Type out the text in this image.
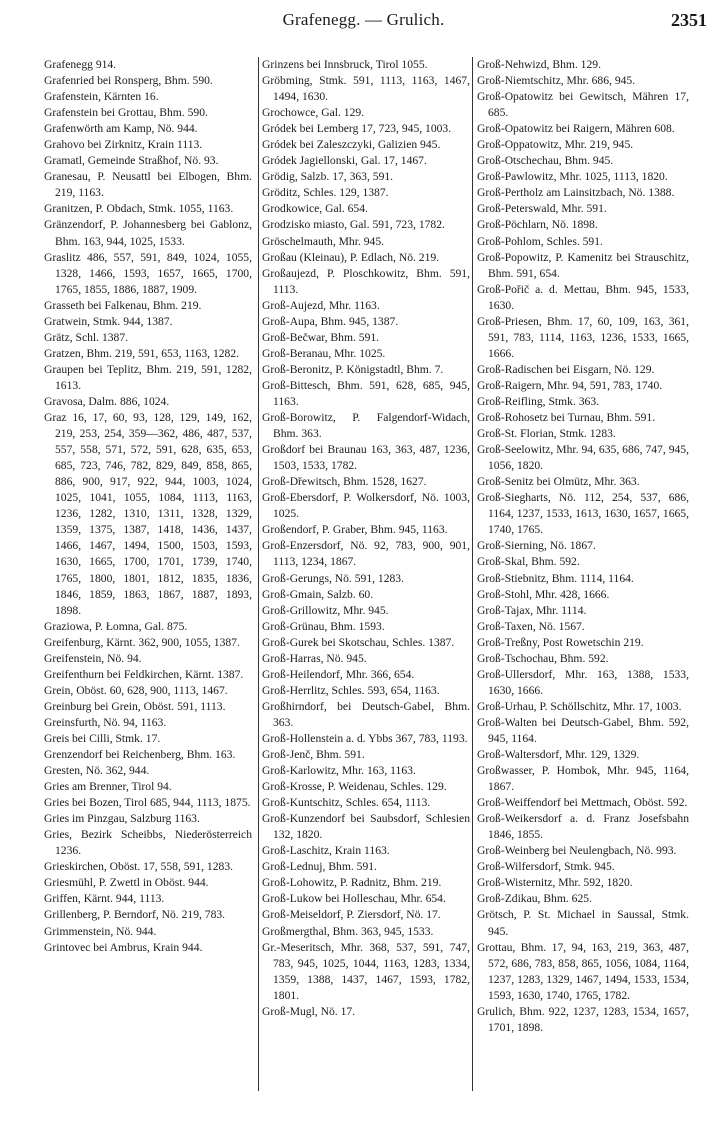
Grafenegg. — Grulich.	2351
Grafenegg 914.
Grafenried bei Ronsperg, Bhm. 590.
Grafenstein, Kärnten 16.
Grafenstein bei Grottau, Bhm. 590.
Grafenwörth am Kamp, Nö. 944.
Grahovo bei Zirknitz, Krain 1113.
Gramatl, Gemeinde Straßhof, Nö. 93.
Granesau, P. Neusattl bei Elbogen, Bhm. 219, 1163.
Granitzen, P. Obdach, Stmk. 1055, 1163.
Gränzendorf, P. Johannesberg bei Gablonz, Bhm. 163, 944, 1025, 1533.
Graslitz 486, 557, 591, 849, 1024, 1055, 1328, 1466, 1593, 1657, 1665, 1700, 1765, 1855, 1886, 1887, 1909.
Grasseth bei Falkenau, Bhm. 219.
Gratwein, Stmk. 944, 1387.
Grätz, Schl. 1387.
Gratzen, Bhm. 219, 591, 653, 1163, 1282.
Graupen bei Teplitz, Bhm. 219, 591, 1282, 1613.
Gravosa, Dalm. 886, 1024.
Graz 16, 17, 60, 93, 128, 129, 149, 162, 219, 253, 254, 359—362, 486, 487, 537, 557, 558, 571, 572, 591, 628, 635, 653, 685, 723, 746, 782, 829, 849, 858, 865, 886, 900, 917, 922, 944, 1003, 1024, 1025, 1041, 1055, 1084, 1113, 1163, 1236, 1282, 1310, 1311, 1328, 1329, 1359, 1375, 1387, 1418, 1436, 1437, 1466, 1467, 1494, 1500, 1503, 1593, 1630, 1665, 1700, 1701, 1739, 1740, 1765, 1800, 1801, 1812, 1835, 1836, 1846, 1859, 1863, 1867, 1887, 1893, 1898.
Graziowa, P. Łomna, Gal. 875.
Greifenburg, Kärnt. 362, 900, 1055, 1387.
Greifenstein, Nö. 94.
Greifenthurn bei Feldkirchen, Kärnt. 1387.
Grein, Oböst. 60, 628, 900, 1113, 1467.
Greinburg bei Grein, Oböst. 591, 1113.
Greinsfurth, Nö. 94, 1163.
Greis bei Cilli, Stmk. 17.
Grenzendorf bei Reichenberg, Bhm. 163.
Gresten, Nö. 362, 944.
Gries am Brenner, Tirol 94.
Gries bei Bozen, Tirol 685, 944, 1113, 1875.
Gries im Pinzgau, Salzburg 1163.
Gries, Bezirk Scheibbs, Niederösterreich 1236.
Grieskirchen, Oböst. 17, 558, 591, 1283.
Griesmühl, P. Zwettl in Oböst. 944.
Griffen, Kärnt. 944, 1113.
Grillenberg, P. Berndorf, Nö. 219, 783.
Grimmenstein, Nö. 944.
Grintovec bei Ambrus, Krain 944.
Grinzens bei Innsbruck, Tirol 1055.
Gröbming, Stmk. 591, 1113, 1163, 1467, 1494, 1630.
Grochowce, Gal. 129.
Gródek bei Lemberg 17, 723, 945, 1003.
Gródek bei Zaleszczyki, Galizien 945.
Gródek Jagiellonski, Gal. 17, 1467.
Grödig, Salzb. 17, 363, 591.
Gröditz, Schles. 129, 1387.
Grodkowice, Gal. 654.
Grodzisko miasto, Gal. 591, 723, 1782.
Gröschelmauth, Mhr. 945.
Großau (Kleinau), P. Edlach, Nö. 219.
Großaujezd, P. Ploschkowitz, Bhm. 591, 1113.
Groß-Aujezd, Mhr. 1163.
Groß-Aupa, Bhm. 945, 1387.
Groß-Bečwar, Bhm. 591.
Groß-Beranau, Mhr. 1025.
Groß-Beronitz, P. Königstadtl, Bhm. 7.
Groß-Bittesch, Bhm. 591, 628, 685, 945, 1163.
Groß-Borowitz, P. Falgendorf-Widach, Bhm. 363.
Großdorf bei Braunau 163, 363, 487, 1236, 1503, 1533, 1782.
Groß-Dřewitsch, Bhm. 1528, 1627.
Groß-Ebersdorf, P. Wolkersdorf, Nö. 1003, 1025.
Großendorf, P. Graber, Bhm. 945, 1163.
Groß-Enzersdorf, Nö. 92, 783, 900, 901, 1113, 1234, 1867.
Groß-Gerungs, Nö. 591, 1283.
Groß-Gmain, Salzb. 60.
Groß-Grillowitz, Mhr. 945.
Groß-Grünau, Bhm. 1593.
Groß-Gurek bei Skotschau, Schles. 1387.
Groß-Harras, Nö. 945.
Groß-Heilendorf, Mhr. 366, 654.
Groß-Herrlitz, Schles. 593, 654, 1163.
Großhirndorf, bei Deutsch-Gabel, Bhm. 363.
Groß-Hollenstein a. d. Ybbs 367, 783, 1193.
Groß-Jenč, Bhm. 591.
Groß-Karlowitz, Mhr. 163, 1163.
Groß-Krosse, P. Weidenau, Schles. 129.
Groß-Kuntschitz, Schles. 654, 1113.
Groß-Kunzendorf bei Saubsdorf, Schlesien 132, 1820.
Groß-Laschitz, Krain 1163.
Groß-Lednuj, Bhm. 591.
Groß-Lohowitz, P. Radnitz, Bhm. 219.
Groß-Lukow bei Holleschau, Mhr. 654.
Groß-Meiseldorf, P. Ziersdorf, Nö. 17.
Großmergthal, Bhm. 363, 945, 1533.
Gr.-Meseritsch, Mhr. 368, 537, 591, 747, 783, 945, 1025, 1044, 1163, 1283, 1334, 1359, 1388, 1437, 1467, 1593, 1782, 1801.
Groß-Mugl, Nö. 17.
Groß-Nehwizd, Bhm. 129.
Groß-Niemtschitz, Mhr. 686, 945.
Groß-Opatowitz bei Gewitsch, Mähren 17, 685.
Groß-Opatowitz bei Raigern, Mähren 608.
Groß-Oppatowitz, Mhr. 219, 945.
Groß-Otschechau, Bhm. 945.
Groß-Pawlowitz, Mhr. 1025, 1113, 1820.
Groß-Pertholz am Lainsitzbach, Nö. 1388.
Groß-Peterswald, Mhr. 591.
Groß-Pöchlarn, Nö. 1898.
Groß-Pohlom, Schles. 591.
Groß-Popowitz, P. Kamenitz bei Strauschitz, Bhm. 591, 654.
Groß-Pořič a. d. Mettau, Bhm. 945, 1533, 1630.
Groß-Priesen, Bhm. 17, 60, 109, 163, 361, 591, 783, 1114, 1163, 1236, 1533, 1665, 1666.
Groß-Radischen bei Eisgarn, Nö. 129.
Groß-Raigern, Mhr. 94, 591, 783, 1740.
Groß-Reifling, Stmk. 363.
Groß-Rohosetz bei Turnau, Bhm. 591.
Groß-St. Florian, Stmk. 1283.
Groß-Seelowitz, Mhr. 94, 635, 686, 747, 945, 1056, 1820.
Groß-Senitz bei Olmütz, Mhr. 363.
Groß-Siegharts, Nö. 112, 254, 537, 686, 1164, 1237, 1533, 1613, 1630, 1657, 1665, 1740, 1765.
Groß-Sierning, Nö. 1867.
Groß-Skal, Bhm. 592.
Groß-Stiebnitz, Bhm. 1114, 1164.
Groß-Stohl, Mhr. 428, 1666.
Groß-Tajax, Mhr. 1114.
Groß-Taxen, Nö. 1567.
Groß-Treßny, Post Rowetschin 219.
Groß-Tschochau, Bhm. 592.
Groß-Ullersdorf, Mhr. 163, 1388, 1533, 1630, 1666.
Groß-Urhau, P. Schöllschitz, Mhr. 17, 1003.
Groß-Walten bei Deutsch-Gabel, Bhm. 592, 945, 1164.
Groß-Waltersdorf, Mhr. 129, 1329.
Großwasser, P. Hombok, Mhr. 945, 1164, 1867.
Groß-Weiffendorf bei Mettmach, Oböst. 592.
Groß-Weikersdorf a. d. Franz Josefsbahn 1846, 1855.
Groß-Weinberg bei Neulengbach, Nö. 993.
Groß-Wilfersdorf, Stmk. 945.
Groß-Wisternitz, Mhr. 592, 1820.
Groß-Zdikau, Bhm. 625.
Grötsch, P. St. Michael in Saussal, Stmk. 945.
Grottau, Bhm. 17, 94, 163, 219, 363, 487, 572, 686, 783, 858, 865, 1056, 1084, 1164, 1237, 1283, 1329, 1467, 1494, 1533, 1534, 1593, 1630, 1740, 1765, 1782.
Grulich, Bhm. 922, 1237, 1283, 1534, 1657, 1701, 1898.
